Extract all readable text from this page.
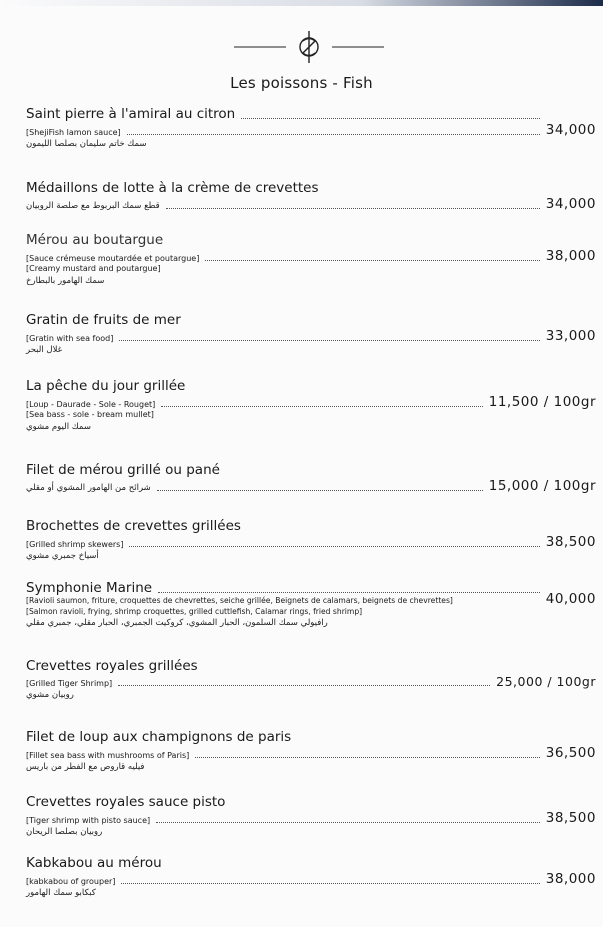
Les poissons - Fish
Saint pierre à l'amiral au citron
[ShejiFish lamon sauce]	34,000
سمك خاتم سليمان بصلصا الليمون
Médaillons de lotte à la crème de crevettes
قطع سمك البربوط مع صلصة الروبيان	34,000
Mérou au boutargue
[Sauce crémeuse moutardée et poutargue]	38,000
[Creamy mustard and poutargue]
سمك الهامور بالبطارخ
Gratin de fruits de mer
[Gratin with sea food]	33,000
غلال البحر
La pêche du jour grillée
[Loup - Daurade - Sole - Rouget]	11,500 / 100gr
[Sea bass - sole - bream mullet]
سمك اليوم مشوي
Filet de mérou grillé ou pané
شرائح من الهامور المشوي أو مقلي	15,000 / 100gr
Brochettes de crevettes grillées
[Grilled shrimp skewers]	38,500
أسياخ جمبري مشوي
Symphonie Marine
[Ravioli saumon, friture, croquettes de chevrettes, seiche grillée, Beignets de calamars, beignets de chevrettes]	40,000
[Salmon ravioli, frying, shrimp croquettes, grilled cuttlefish, Calamar rings, fried shrimp]
رافيولي سمك السلمون، الحبار المشوي، كروكيت الجمبري، الحبار مقلي، جمبري مقلي
Crevettes royales grillées
[Grilled Tiger Shrimp]	25,000 / 100gr
روبيان مشوي
Filet de loup aux champignons de paris
[Fillet sea bass with mushrooms of Paris]	36,500
فيليه قاروص مع الفطر من باريس
Crevettes royales sauce pisto
[Tiger shrimp with pisto sauce]	38,500
روبيان بصلصا الريحان
Kabkabou au mérou
[kabkabou of grouper]	38,000
كبكابو سمك الهامور
